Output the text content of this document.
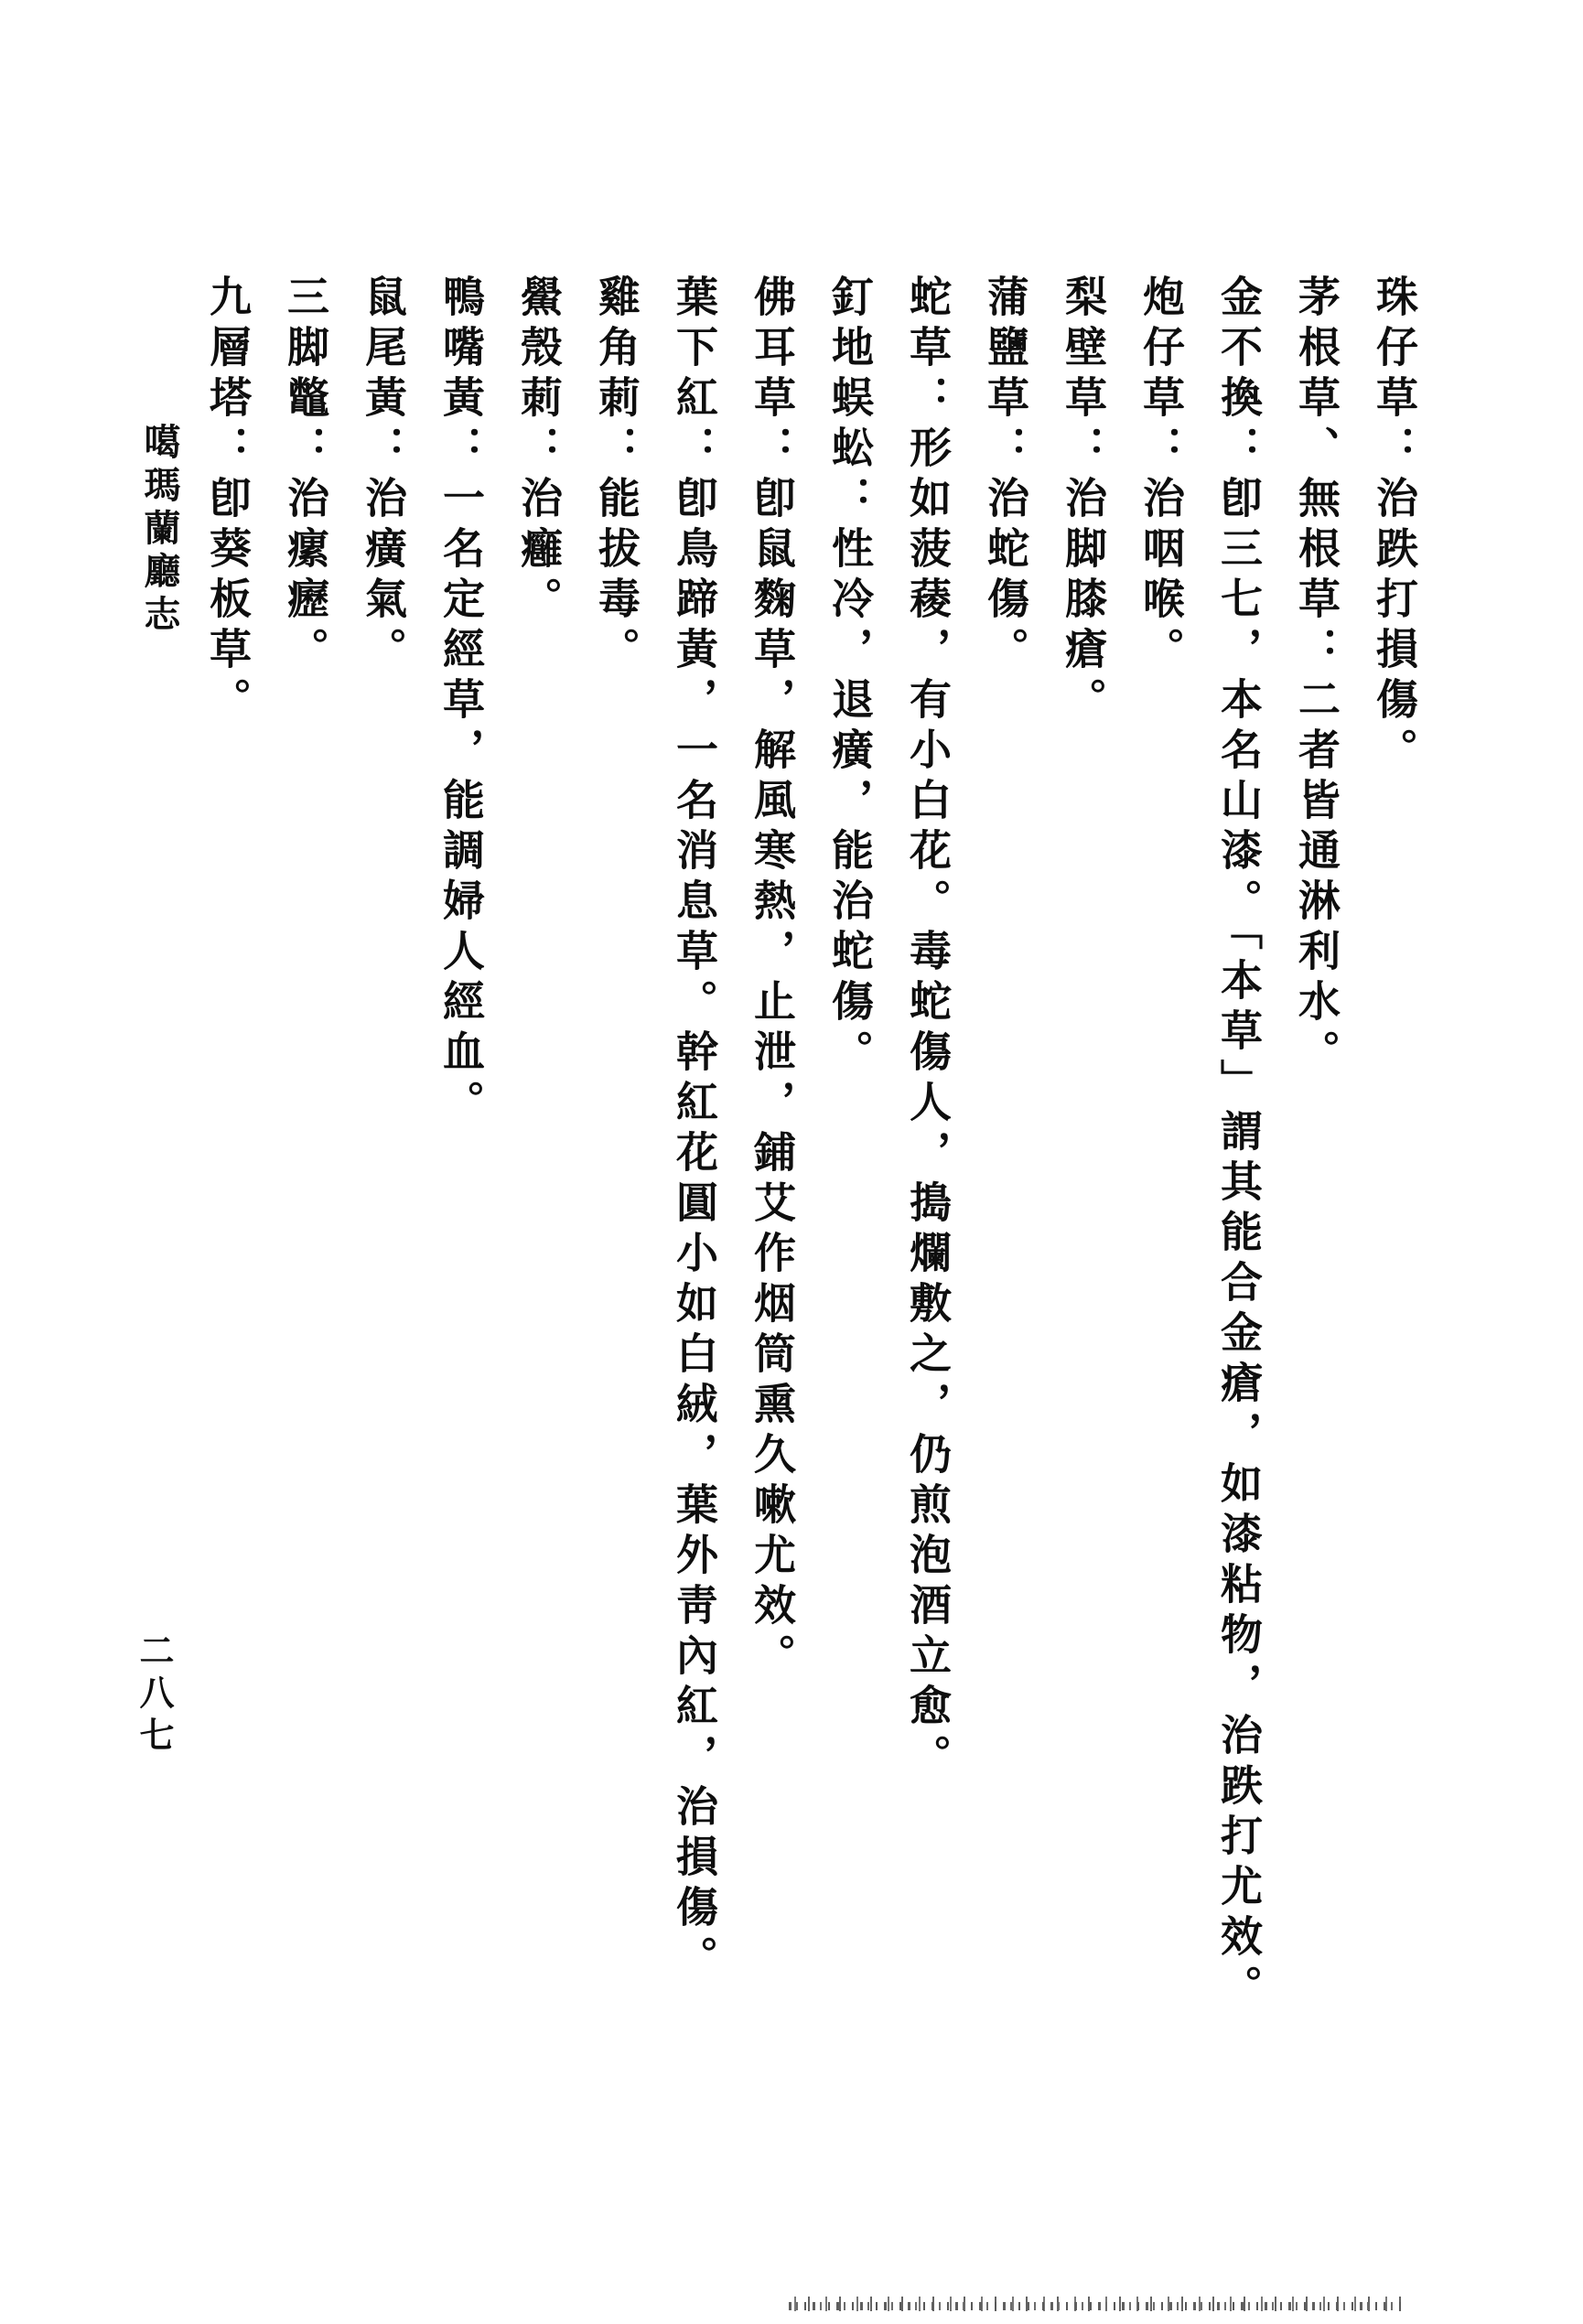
珠仔草：治跌打損傷。
茅根草、無根草：二者皆通淋利水。
金不換：卽三七，本名山漆。「本草」謂其能合金瘡，如漆粘物，治跌打尤效。
炮仔草：治咽喉。
梨壁草：治脚膝瘡。
蒲鹽草：治蛇傷。
蛇草：形如菠薐，有小白花。毒蛇傷人，搗爛敷之，仍煎泡酒立愈。
釘地蜈蚣：性冷，退癀，能治蛇傷。
佛耳草：卽鼠麴草，解風寒熱，止泄，鋪艾作烟筒熏久嗽尤效。
葉下紅：卽鳥蹄黃，一名消息草。幹紅花圓小如白絨，葉外靑內紅，治損傷。
雞角莿：能拔毒。
鱟殼莿：治癰。
鴨嘴黃：一名定經草，能調婦人經血。
鼠尾黃：治癀氣。
三脚鼈：治瘰癧。
九層塔：卽葵板草。
噶瑪蘭廳志
二八七
